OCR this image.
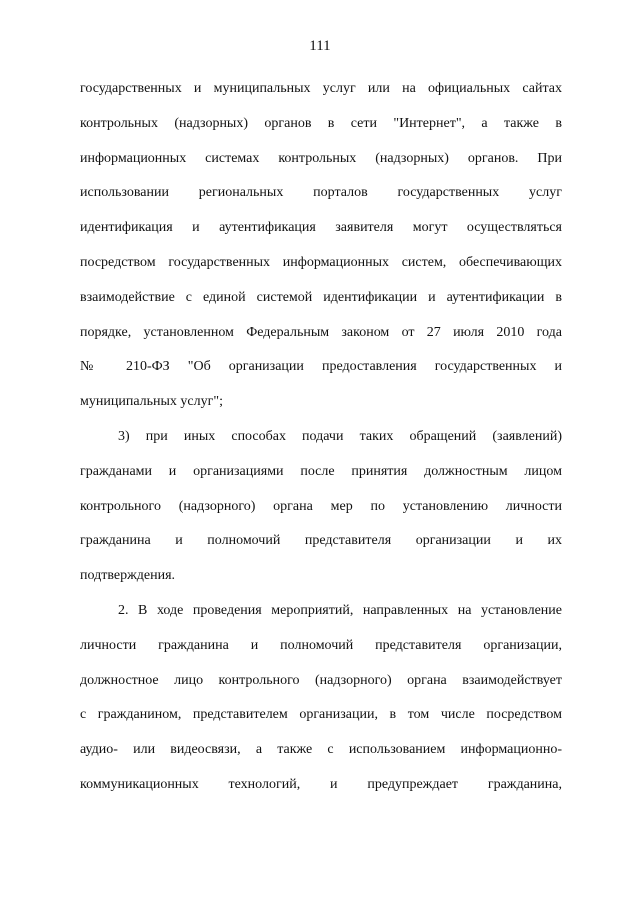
111
государственных и муниципальных услуг или на официальных сайтах
контрольных (надзорных) органов в сети "Интернет", а также в
информационных системах контрольных (надзорных) органов. При
использовании региональных порталов государственных услуг
идентификация и аутентификация заявителя могут осуществляться
посредством государственных информационных систем, обеспечивающих
взаимодействие с единой системой идентификации и аутентификации в
порядке, установленном Федеральным законом от 27 июля 2010 года
№ 210-ФЗ "Об организации предоставления государственных и
муниципальных услуг";
3) при иных способах подачи таких обращений (заявлений)
гражданами и организациями после принятия должностным лицом
контрольного (надзорного) органа мер по установлению личности
гражданина и полномочий представителя организации и их
подтверждения.
2. В ходе проведения мероприятий, направленных на установление
личности гражданина и полномочий представителя организации,
должностное лицо контрольного (надзорного) органа взаимодействует
с гражданином, представителем организации, в том числе посредством
аудио- или видеосвязи, а также с использованием информационно-
коммуникационных технологий, и предупреждает гражданина,
